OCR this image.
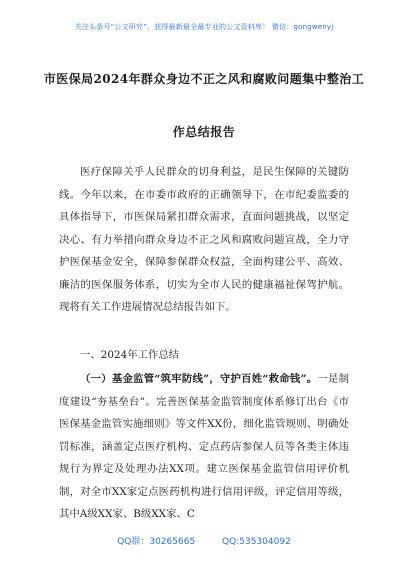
关注头条号“公文研究”，获得最新最全最专业的公文资料库！ 微信：gongwenyj
市医保局2024年群众身边不正之风和腐败问题集中整治工
作总结报告
医疗保障关乎人民群众的切身利益，是民生保障的关键防线。今年以来，在市委市政府的正确领导下，在市纪委监委的具体指导下，市医保局紧扣群众需求，直面问题挑战，以坚定决心、有力举措向群众身边不正之风和腐败问题宣战，全力守护医保基金安全，保障参保群众权益，全面构建公平、高效、廉洁的医保服务体系，切实为全市人民的健康福祉保驾护航。现将有关工作进展情况总结报告如下。
一、2024年工作总结
（一）基金监管“筑牢防线”，守护百姓“救命钱”。一是制度建设“夯基垒台”。完善医保基金监管制度体系修订出台《市医保基金监管实施细则》等文件XX份，细化监管规则、明确处罚标准，涵盖定点医疗机构、定点药店参保人员等各类主体违规行为界定及处理办法XX项。建立医保基金监管信用评价机制，对全市XX家定点医药机构进行信用评级，评定信用等级，其中A级XX家、B级XX家、C
QQ群：30265665	QQ:535304092
